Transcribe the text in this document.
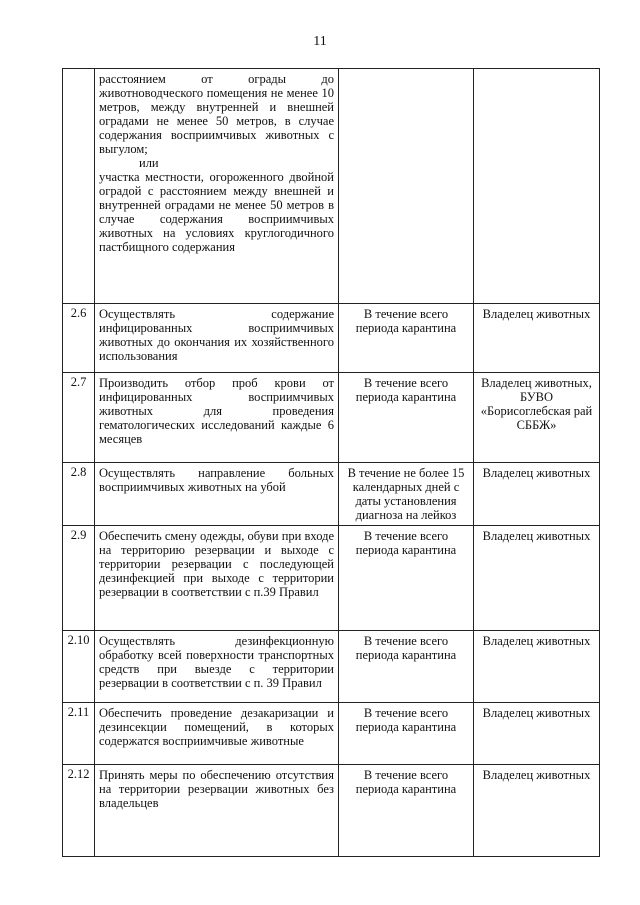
11

	расстоянием от ограды до животноводческого помещения не менее 10 метров, между внутренней и внешней оградами не менее 50 метров, в случае содержания восприимчивых животных с выгулом;
или
участка местности, огороженного двойной оградой с расстоянием между внешней и внутренней оградами не менее 50 метров в случае содержания восприимчивых животных на условиях круглогодичного пастбищного содержания		

2.6	Осуществлять содержание инфицированных восприимчивых животных до окончания их хозяйственного использования	В течение всего периода карантина	Владелец животных
2.7	Производить отбор проб крови от инфицированных восприимчивых животных для проведения гематологических исследований каждые 6 месяцев	В течение всего периода карантина	Владелец животных, БУВО «Борисоглебская рай СББЖ»
2.8	Осуществлять направление больных восприимчивых животных на убой	В течение не более 15 календарных дней с даты установления диагноза на лейкоз	Владелец животных
2.9	Обеспечить смену одежды, обуви при входе на территорию резервации и выходе с территории резервации с последующей дезинфекцией при выходе с территории резервации в соответствии с п.39 Правил	В течение всего периода карантина	Владелец животных
2.10	Осуществлять дезинфекционную обработку всей поверхности транспортных средств при выезде с территории резервации в соответствии с п. 39 Правил	В течение всего периода карантина	Владелец животных
2.11	Обеспечить проведение дезакаризации и дезинсекции помещений, в которых содержатся восприимчивые животные	В течение всего периода карантина	Владелец животных
2.12	Принять меры по обеспечению отсутствия на территории резервации животных без владельцев	В течение всего периода карантина	Владелец животных
